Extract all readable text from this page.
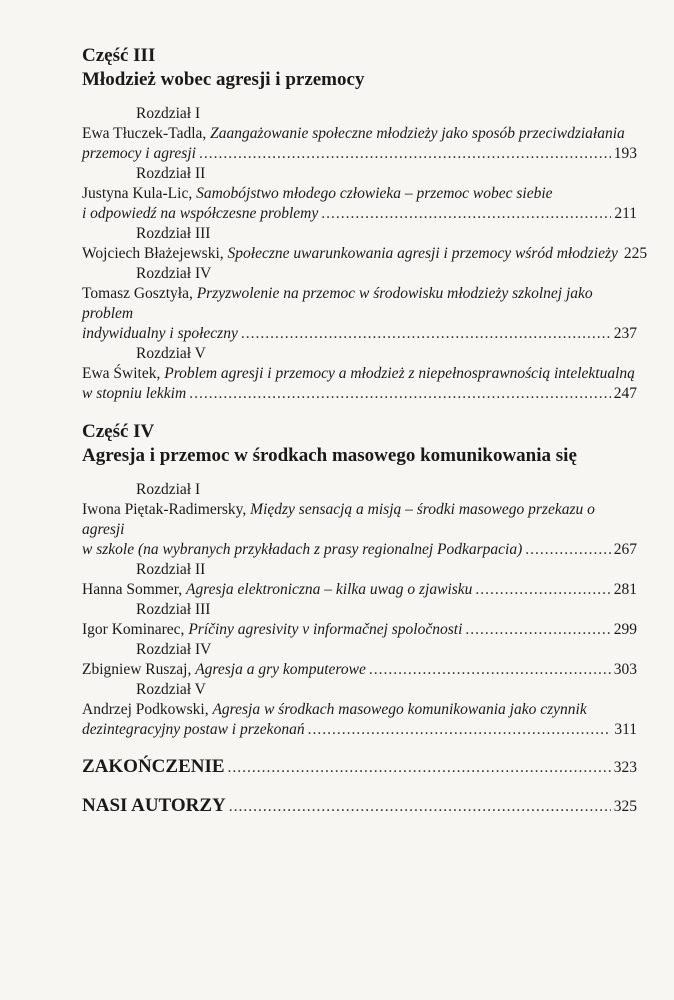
Część III
Młodzież wobec agresji i przemocy
Rozdział I
Ewa Tłuczek-Tadla, Zaangażowanie społeczne młodzieży jako sposób przeciwdziałania
przemocy i agresji .....	193
Rozdział II
Justyna Kula-Lic, Samobójstwo młodego człowieka – przemoc wobec siebie
i odpowiedź na współczesne problemy .....	211
Rozdział III
Wojciech Błażejewski, Społeczne uwarunkowania agresji i przemocy wśród młodzieży 225
Rozdział IV
Tomasz Gosztyła, Przyzwolenie na przemoc w środowisku młodzieży szkolnej jako problem
indywidualny i społeczny .....	237
Rozdział V
Ewa Świtek, Problem agresji i przemocy a młodzież z niepełnosprawnością intelektualną
w stopniu lekkim .....	247
Część IV
Agresja i przemoc w środkach masowego komunikowania się
Rozdział I
Iwona Piętak-Radimersky, Między sensacją a misją – środki masowego przekazu o agresji
w szkole (na wybranych przykładach z prasy regionalnej Podkarpacia) .....	267
Rozdział II
Hanna Sommer, Agresja elektroniczna – kilka uwag o zjawisku .....	281
Rozdział III
Igor Kominarec, Príčiny agresivity v informačnej spoločnosti .....	299
Rozdział IV
Zbigniew Ruszaj, Agresja a gry komputerowe .....	303
Rozdział V
Andrzej Podkowski, Agresja w środkach masowego komunikowania jako czynnik
dezintegracyjny postaw i przekonań .....	311
ZAKOŃCZENIE .....	323
NASI AUTORZY .....	325
